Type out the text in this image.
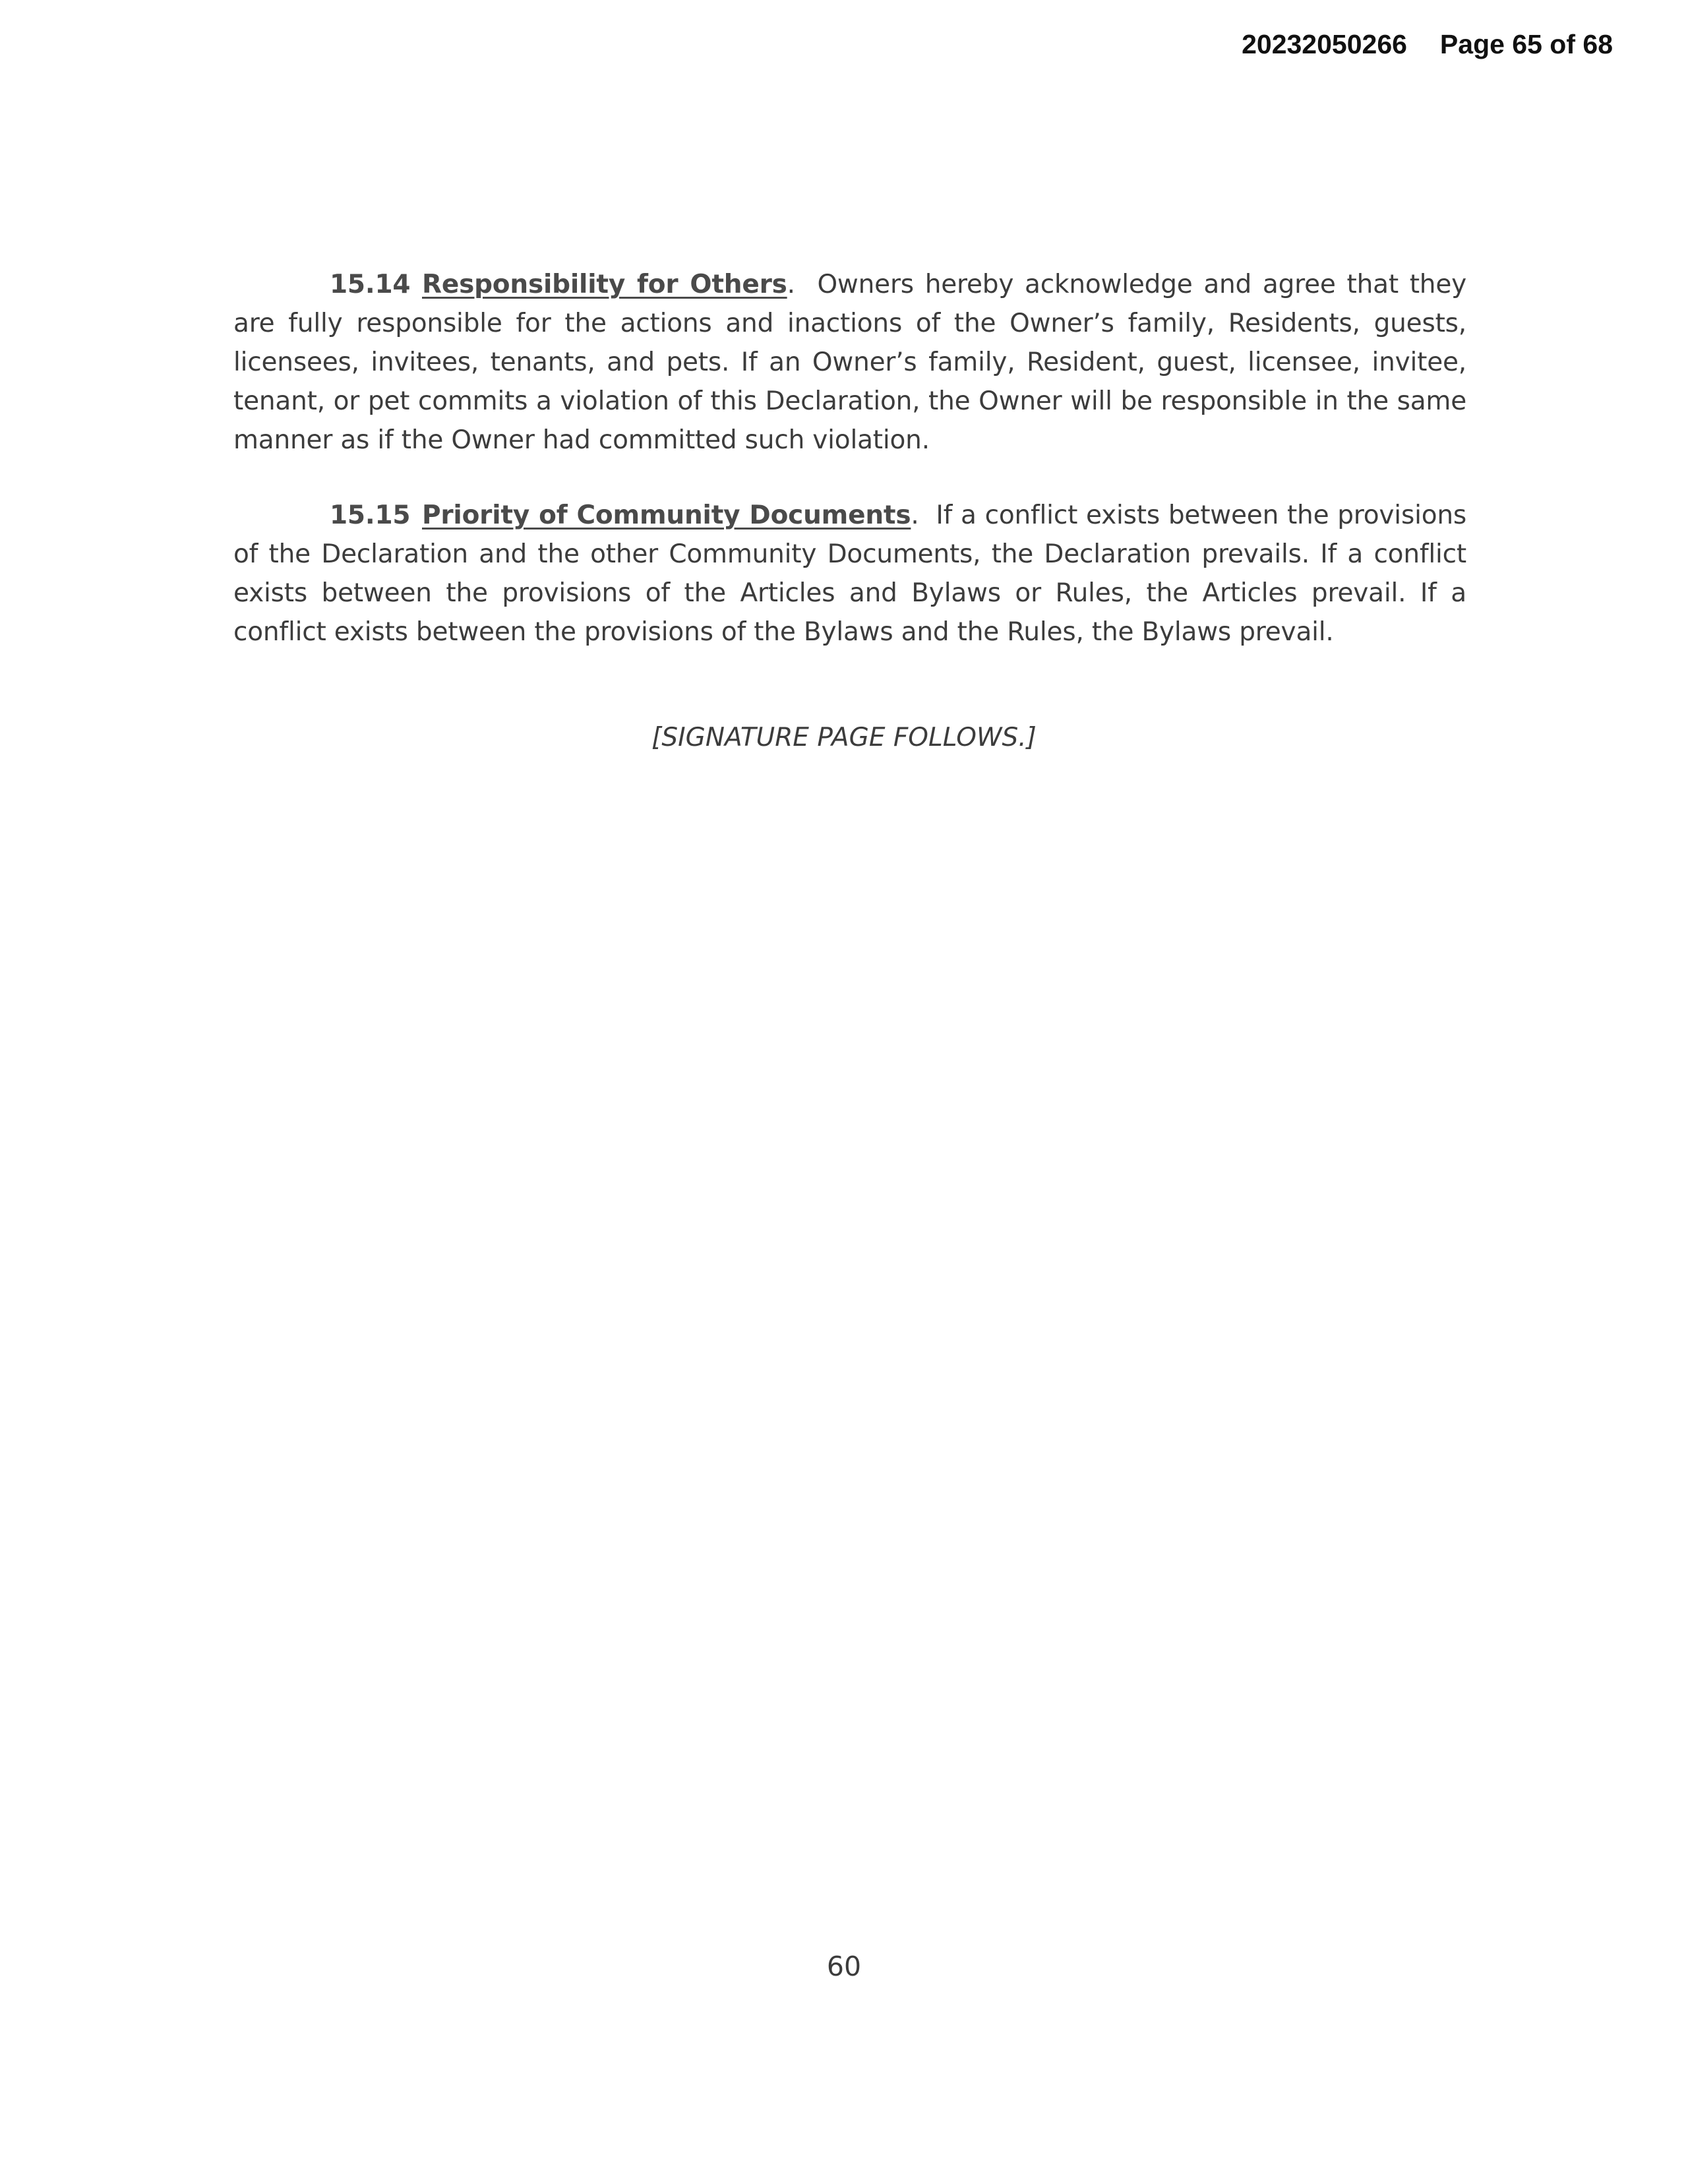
20232050266 Page 65 of 68
15.14 Responsibility for Others.  Owners hereby acknowledge and agree that they are fully responsible for the actions and inactions of the Owner’s family, Residents, guests, licensees, invitees, tenants, and pets. If an Owner’s family, Resident, guest, licensee, invitee, tenant, or pet commits a violation of this Declaration, the Owner will be responsible in the same manner as if the Owner had committed such violation.
15.15 Priority of Community Documents.  If a conflict exists between the provisions of the Declaration and the other Community Documents, the Declaration prevails. If a conflict exists between the provisions of the Articles and Bylaws or Rules, the Articles prevail. If a conflict exists between the provisions of the Bylaws and the Rules, the Bylaws prevail.
[SIGNATURE PAGE FOLLOWS.]
60
